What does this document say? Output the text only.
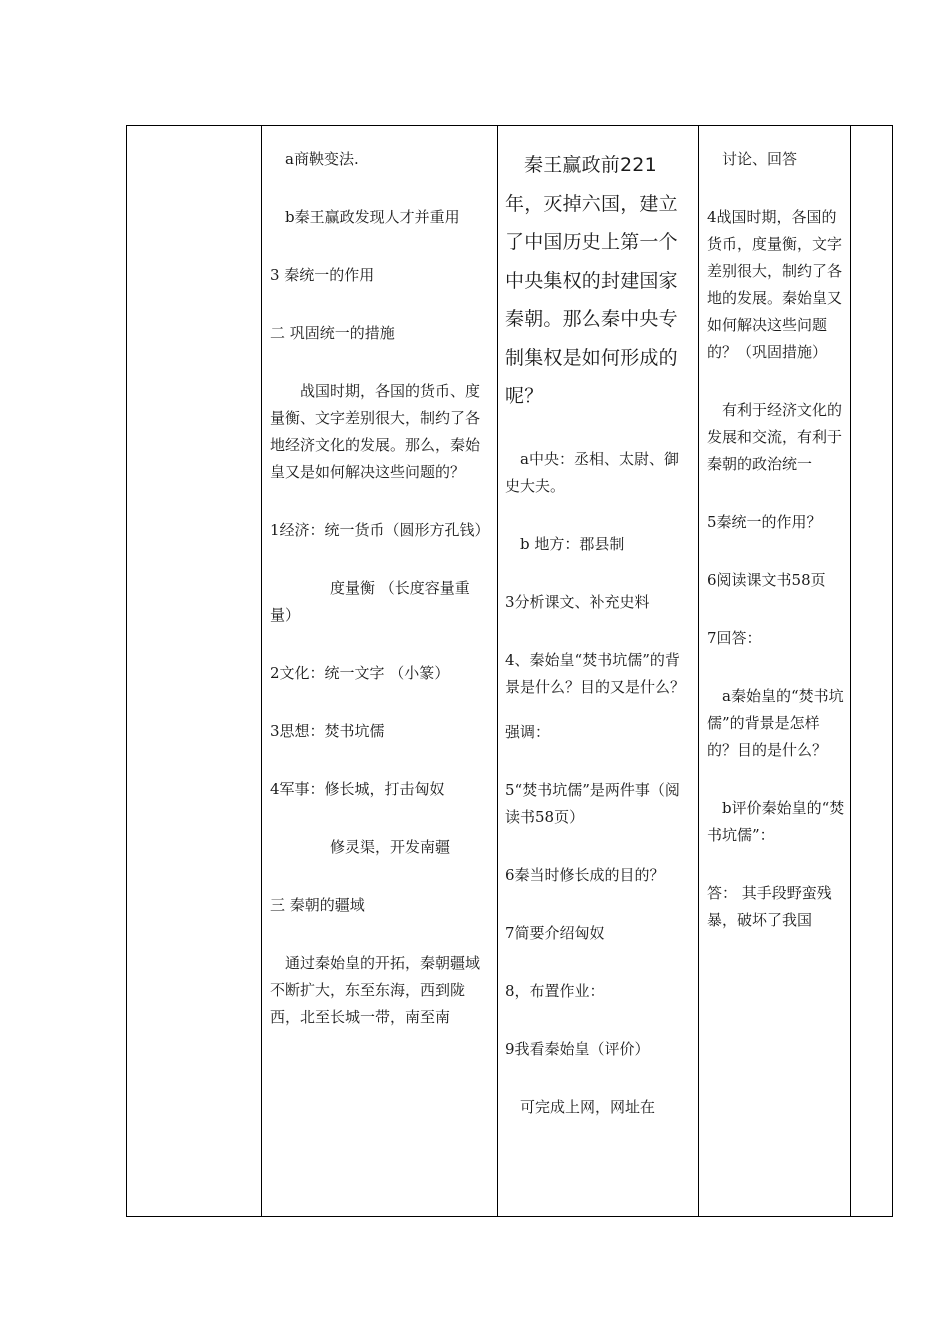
a商鞅变法.

b秦王赢政发现人才并重用

3 秦统一的作用

二 巩固统一的措施

战国时期，各国的货币、度量衡、文字差别很大，制约了各地经济文化的发展。那么，秦始皇又是如何解决这些问题的？

1经济：统一货币（圆形方孔钱）

度量衡 （长度容量重量）

2文化：统一文字 （小篆）

3思想：焚书坑儒

4军事：修长城，打击匈奴

修灵渠，开发南疆

三 秦朝的疆域

通过秦始皇的开拓，秦朝疆域不断扩大，东至东海，西到陇西，北至长城一带，南至南

秦王赢政前221年，灭掉六国，建立了中国历史上第一个中央集权的封建国家秦朝。那么秦中央专制集权是如何形成的呢？

a中央：丞相、太尉、御史大夫。

b 地方：郡县制

3分析课文、补充史料

4、秦始皇“焚书坑儒”的背景是什么？目的又是什么？

强调：

5“焚书坑儒”是两件事（阅读书58页）

6秦当时修长成的目的？

7简要介绍匈奴

8，布置作业：

9我看秦始皇（评价）

可完成上网，网址在

讨论、回答

4战国时期，各国的货币，度量衡，文字差别很大，制约了各地的发展。秦始皇又如何解决这些问题的？（巩固措施）

有利于经济文化的发展和交流，有利于秦朝的政治统一

5秦统一的作用？

6阅读课文书58页

7回答：

a秦始皇的“焚书坑儒”的背景是怎样的？目的是什么？

b评价秦始皇的“焚书坑儒”：

答： 其手段野蛮残暴，破坏了我国
